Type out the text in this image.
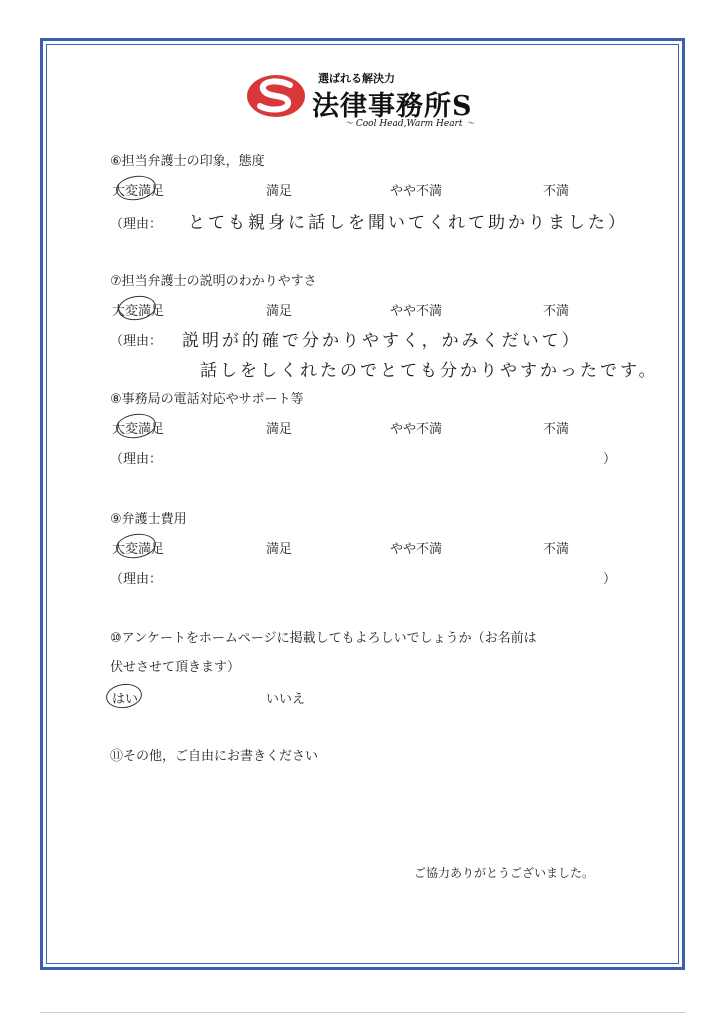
選ばれる解決力
法律事務所S
〜 Cool Head,Warm Heart 〜
⑥担当弁護士の印象，態度
大変満足	満足	やや不満	不満
（理由： とても親身に話しを聞いてくれて助かりました）
⑦担当弁護士の説明のわかりやすさ
大変満足	満足	やや不満	不満
（理由： 説明が的確で分かりやすく，かみくだいて）
話しをしくれたのでとても分かりやすかったです。
⑧事務局の電話対応やサポート等
大変満足	満足	やや不満	不満
（理由：	）
⑨弁護士費用
大変満足	満足	やや不満	不満
（理由：	）
⑩アンケートをホームページに掲載してもよろしいでしょうか（お名前は
伏せさせて頂きます）
はい	いいえ
⑪その他，ご自由にお書きください
ご協力ありがとうございました。
